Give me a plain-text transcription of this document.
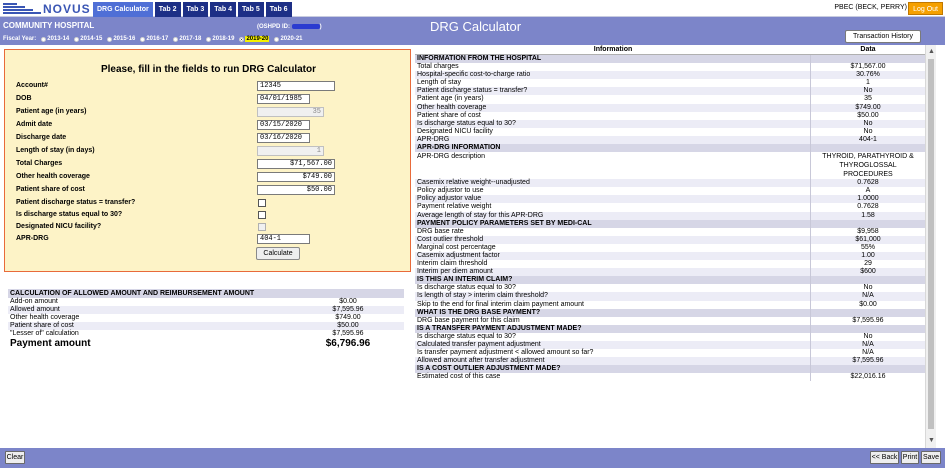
NOVUS DRG Calculator	Tab 2	Tab 3	Tab 4	Tab 5	Tab 6	PBEC (BECK, PERRY) Log Out
COMMUNITY HOSPITAL	(OSHPD ID:	)	DRG Calculator
Fiscal Year: 2013-14 2014-15 2015-16 2016-17 2017-18 2018-19 2019-20 2020-21	Transaction History
Please, fill in the fields to run DRG Calculator
Account#	12345
DOB	04/01/1985
Patient age (in years)	35
Admit date	03/15/2020
Discharge date	03/16/2020
Length of stay (in days)	1
Total Charges	$71,567.00
Other health coverage	$749.00
Patient share of cost	$50.00
Patient discharge status = transfer?
Is discharge status equal to 30?
Designated NICU facility?
APR-DRG	404-1
Calculate
CALCULATION OF ALLOWED AMOUNT AND REIMBURSEMENT AMOUNT
Add-on amount	$0.00
Allowed amount	$7,595.96
Other health coverage	$749.00
Patient share of cost	$50.00
"Lesser of" calculation	$7,595.96
Payment amount	$6,796.96
Information	Data
INFORMATION FROM THE HOSPITAL
Total charges	$71,567.00
Hospital-specific cost-to-charge ratio	30.76%
Length of stay	1
Patient discharge status = transfer?	No
Patient age (in years)	35
Other health coverage	$749.00
Patient share of cost	$50.00
Is discharge status equal to 30?	No
Designated NICU facility	No
APR-DRG	404-1
APR-DRG INFORMATION
APR-DRG description	THYROID, PARATHYROID & THYROGLOSSAL PROCEDURES
Casemix relative weight--unadjusted	0.7628
Policy adjustor to use	A
Policy adjustor value	1.0000
Payment relative weight	0.7628
Average length of stay for this APR-DRG	1.58
PAYMENT POLICY PARAMETERS SET BY MEDI-CAL
DRG base rate	$9,958
Cost outlier threshold	$61,000
Marginal cost percentage	55%
Casemix adjustment factor	1.00
Interim claim threshold	29
Interim per diem amount	$600
IS THIS AN INTERIM CLAIM?
Is discharge status equal to 30?	No
Is length of stay > interim claim threshold?	N/A
Skip to the end for final interim claim payment amount	$0.00
WHAT IS THE DRG BASE PAYMENT?
DRG base payment for this claim	$7,595.96
IS A TRANSFER PAYMENT ADJUSTMENT MADE?
Is discharge status equal to 30?	No
Calculated transfer payment adjustment	N/A
Is transfer payment adjustment < allowed amount so far?	N/A
Allowed amount after transfer adjustment	$7,595.96
IS A COST OUTLIER ADJUSTMENT MADE?
Estimated cost of this case	$22,016.16
▲
▼
Clear	<< Back Print Save
